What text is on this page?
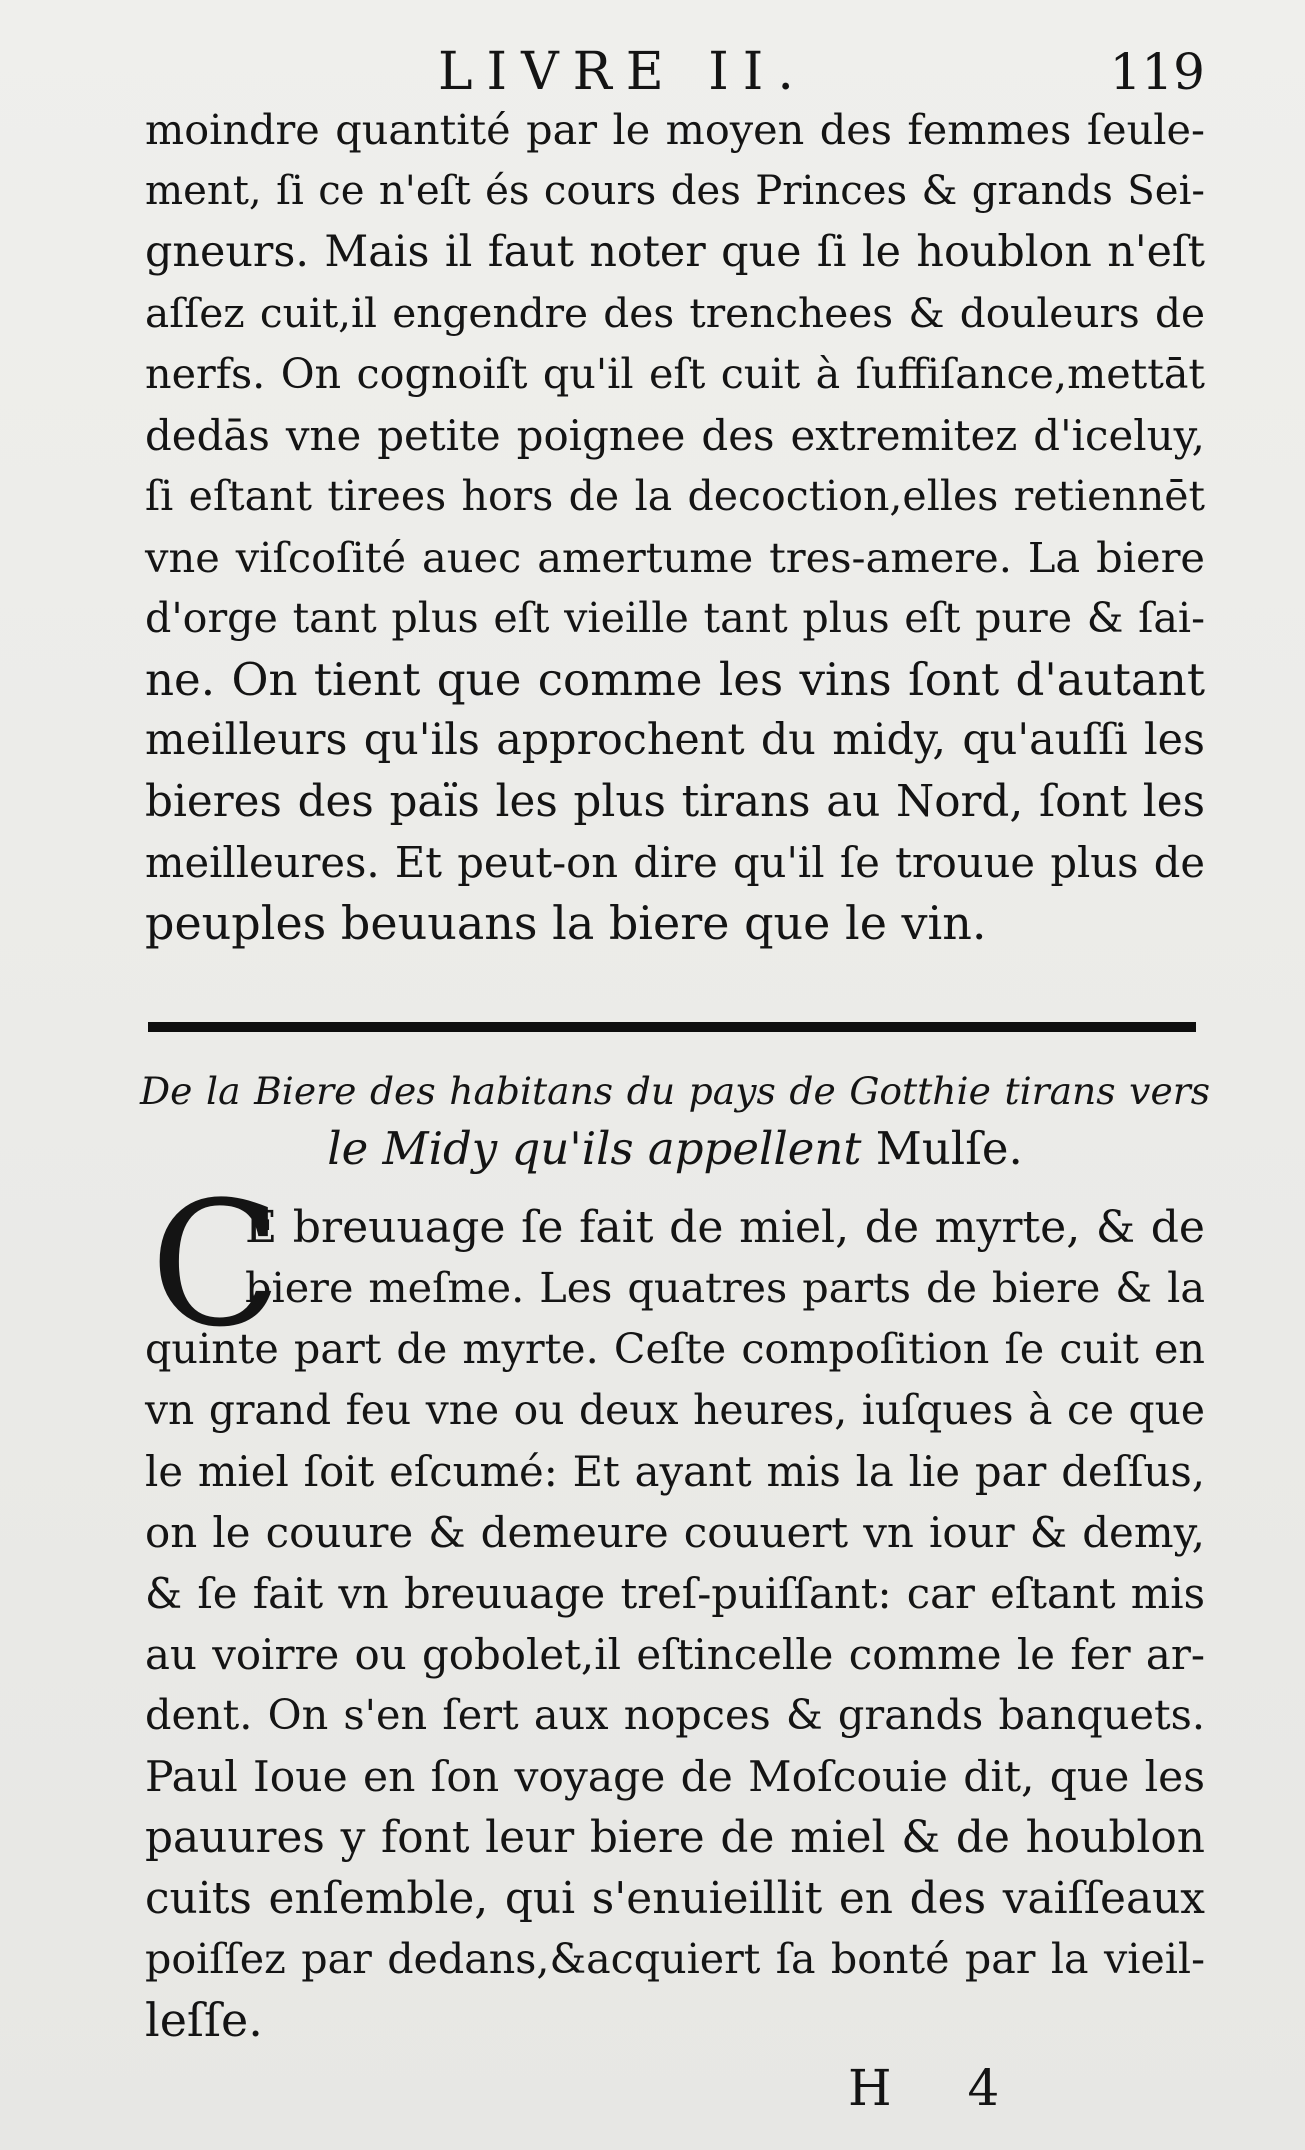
LIVRE II.	119
moindre quantité par le moyen des femmes ſeule-
ment, ſi ce n'eſt és cours des Princes & grands Sei-
gneurs. Mais il faut noter que ſi le houblon n'eſt
aſſez cuit,il engendre des trenchees & douleurs de
nerfs. On cognoiſt qu'il eſt cuit à ſuffiſance,mettāt
dedās vne petite poignee des extremitez d'iceluy,
ſi eſtant tirees hors de la decoction,elles retiennēt
vne viſcoſité auec amertume tres-amere. La biere
d'orge tant plus eſt vieille tant plus eſt pure & ſai-
ne. On tient que comme les vins ſont d'autant
meilleurs qu'ils approchent du midy, qu'auſſi les
bieres des païs les plus tirans au Nord, ſont les
meilleures. Et peut-on dire qu'il ſe trouue plus de
peuples beuuans la biere que le vin.
De la Biere des habitans du pays de Gotthie tirans vers
le Midy qu'ils appellent Mulſe.
C
E breuuage ſe fait de miel, de myrte, & de
biere meſme. Les quatres parts de biere & la
quinte part de myrte. Ceſte compoſition ſe cuit en
vn grand feu vne ou deux heures, iuſques à ce que
le miel ſoit eſcumé: Et ayant mis la lie par deſſus,
on le couure & demeure couuert vn iour & demy,
& ſe fait vn breuuage treſ-puiſſant: car eſtant mis
au voirre ou gobolet,il eſtincelle comme le fer ar-
dent. On s'en ſert aux nopces & grands banquets.
Paul Ioue en ſon voyage de Moſcouie dit, que les
pauures y font leur biere de miel & de houblon
cuits enſemble, qui s'enuieillit en des vaiſſeaux
poiſſez par dedans,&acquiert ſa bonté par la vieil-
leſſe.
H 4
